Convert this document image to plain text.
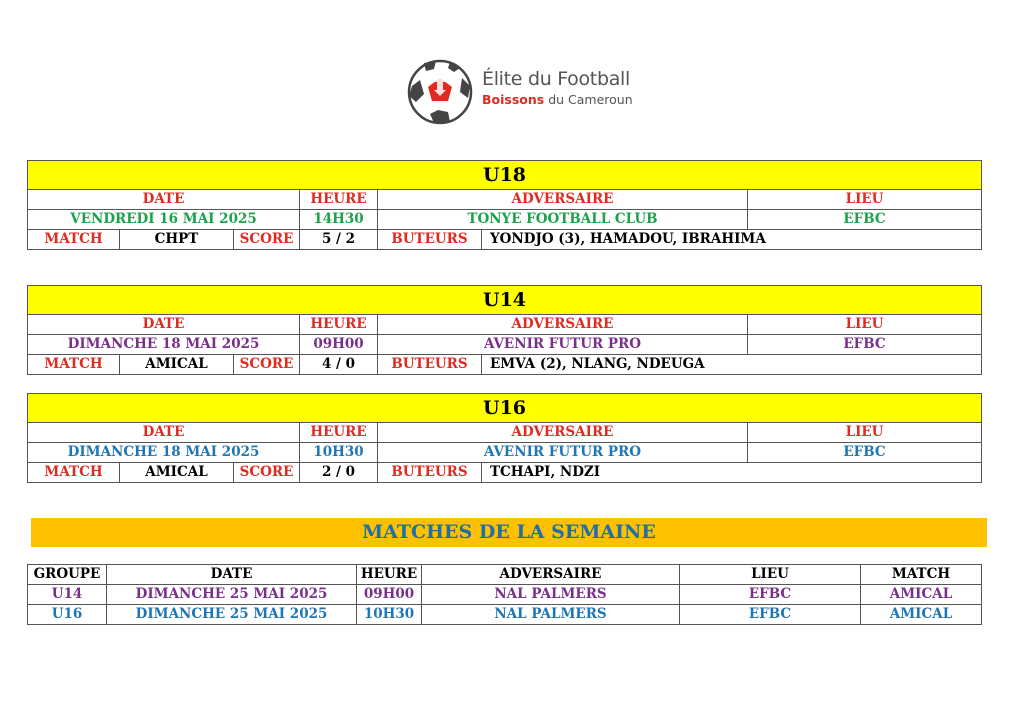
Élite du Football
Boissons du Cameroun
U18						
DATE			HEURE	ADVERSAIRE		LIEU
VENDREDI 16 MAI 2025			14H30	TONYE FOOTBALL CLUB		EFBC
MATCH	CHPT	SCORE	5 / 2	BUTEURS	YONDJO (3), HAMADOU, IBRAHIMA	
U14						
DATE			HEURE	ADVERSAIRE		LIEU
DIMANCHE 18 MAI 2025			09H00	AVENIR FUTUR PRO		EFBC
MATCH	AMICAL	SCORE	4 / 0	BUTEURS	EMVA (2), NLANG, NDEUGA	
U16						
DATE			HEURE	ADVERSAIRE		LIEU
DIMANCHE 18 MAI 2025			10H30	AVENIR FUTUR PRO		EFBC
MATCH	AMICAL	SCORE	2 / 0	BUTEURS	TCHAPI, NDZI	
MATCHES DE LA SEMAINE
GROUPE	DATE	HEURE	ADVERSAIRE	LIEU	MATCH
U14	DIMANCHE 25 MAI 2025	09H00	NAL PALMERS	EFBC	AMICAL
U16	DIMANCHE 25 MAI 2025	10H30	NAL PALMERS	EFBC	AMICAL
